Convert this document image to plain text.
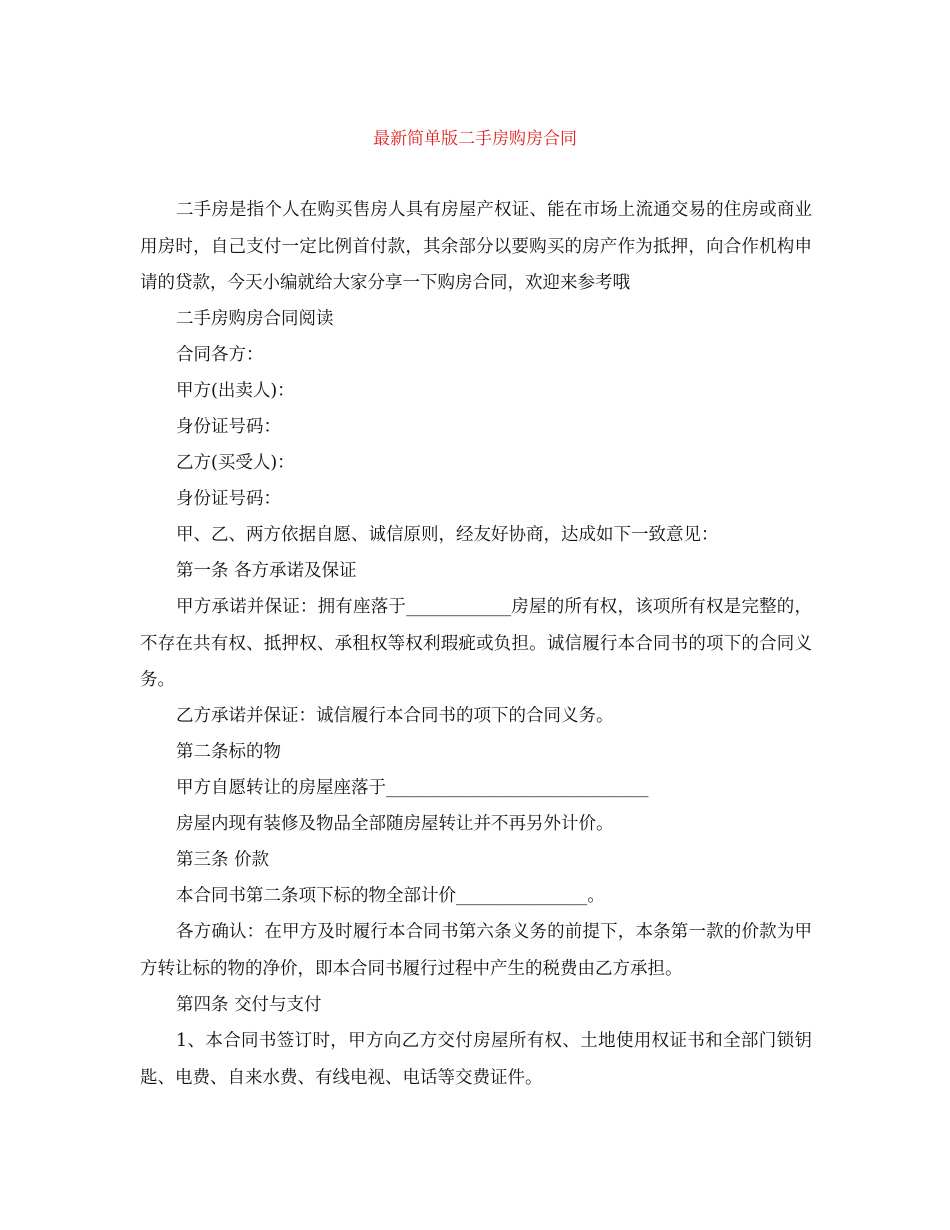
最新简单版二手房购房合同
二手房是指个人在购买售房人具有房屋产权证、能在市场上流通交易的住房或商业用房时，自己支付一定比例首付款，其余部分以要购买的房产作为抵押，向合作机构申请的贷款，今天小编就给大家分享一下购房合同，欢迎来参考哦
二手房购房合同阅读
合同各方：
甲方(出卖人)：
身份证号码：
乙方(买受人)：
身份证号码：
甲、乙、两方依据自愿、诚信原则，经友好协商，达成如下一致意见：
第一条 各方承诺及保证
甲方承诺并保证：拥有座落于____________房屋的所有权，该项所有权是完整的，不存在共有权、抵押权、承租权等权利瑕疵或负担。诚信履行本合同书的项下的合同义务。
乙方承诺并保证：诚信履行本合同书的项下的合同义务。
第二条标的物
甲方自愿转让的房屋座落于______________________________
房屋内现有装修及物品全部随房屋转让并不再另外计价。
第三条 价款
本合同书第二条项下标的物全部计价_______________。
各方确认：在甲方及时履行本合同书第六条义务的前提下，本条第一款的价款为甲方转让标的物的净价，即本合同书履行过程中产生的税费由乙方承担。
第四条 交付与支付
1、本合同书签订时，甲方向乙方交付房屋所有权、土地使用权证书和全部门锁钥匙、电费、自来水费、有线电视、电话等交费证件。
